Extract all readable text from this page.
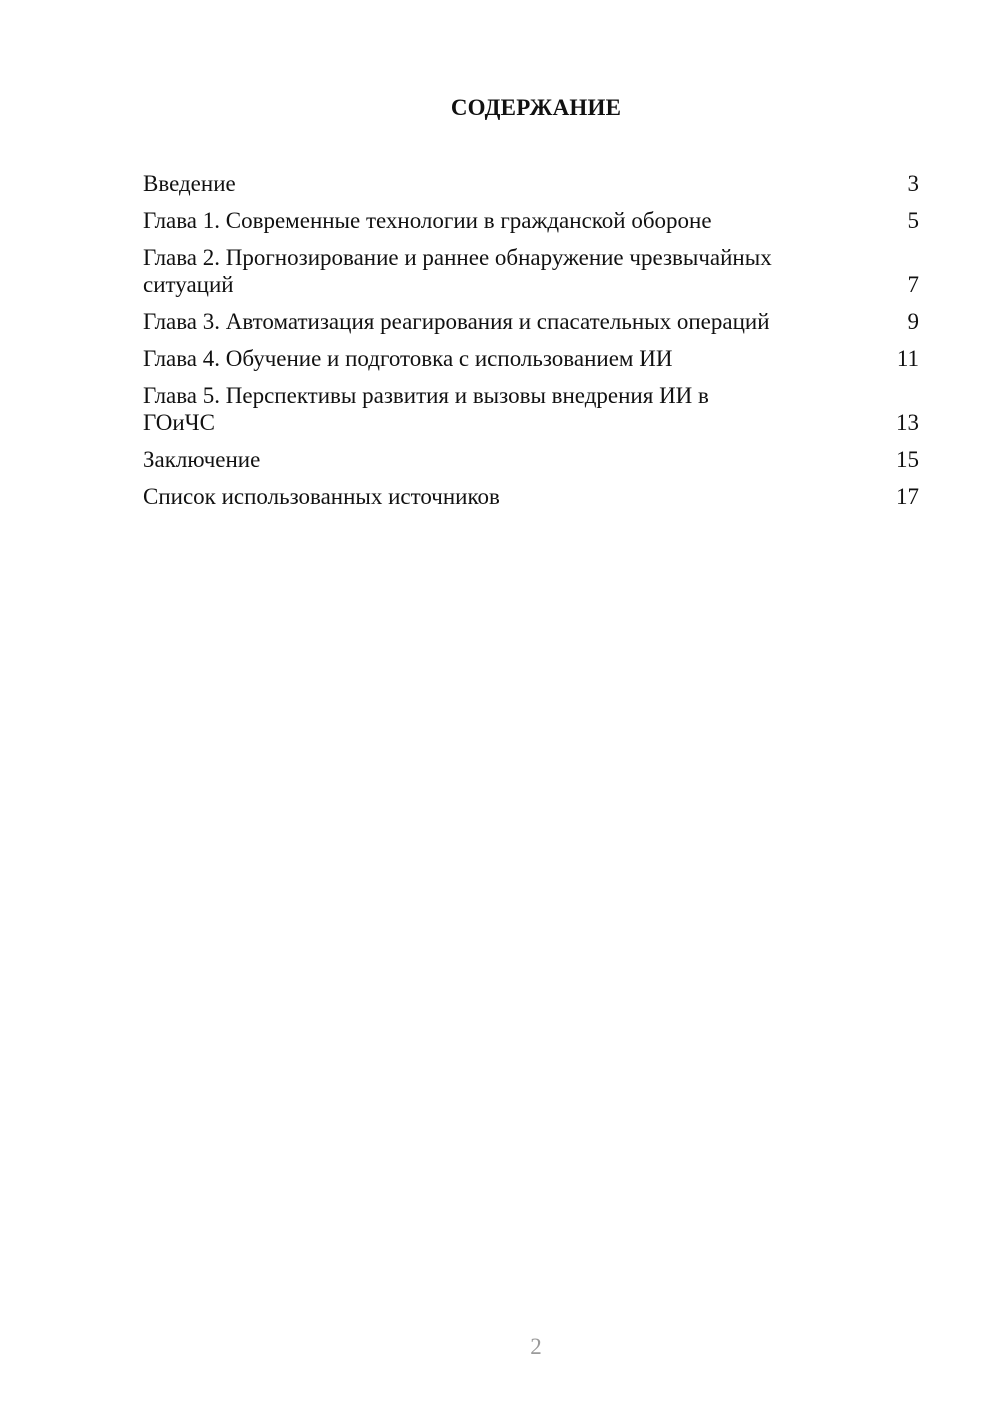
СОДЕРЖАНИЕ
Введение	3
Глава 1. Современные технологии в гражданской обороне	5
Глава 2. Прогнозирование и раннее обнаружение чрезвычайных ситуаций	7
Глава 3. Автоматизация реагирования и спасательных операций	9
Глава 4. Обучение и подготовка с использованием ИИ	11
Глава 5. Перспективы развития и вызовы внедрения ИИ в ГОиЧС	13
Заключение	15
Список использованных источников	17
2
